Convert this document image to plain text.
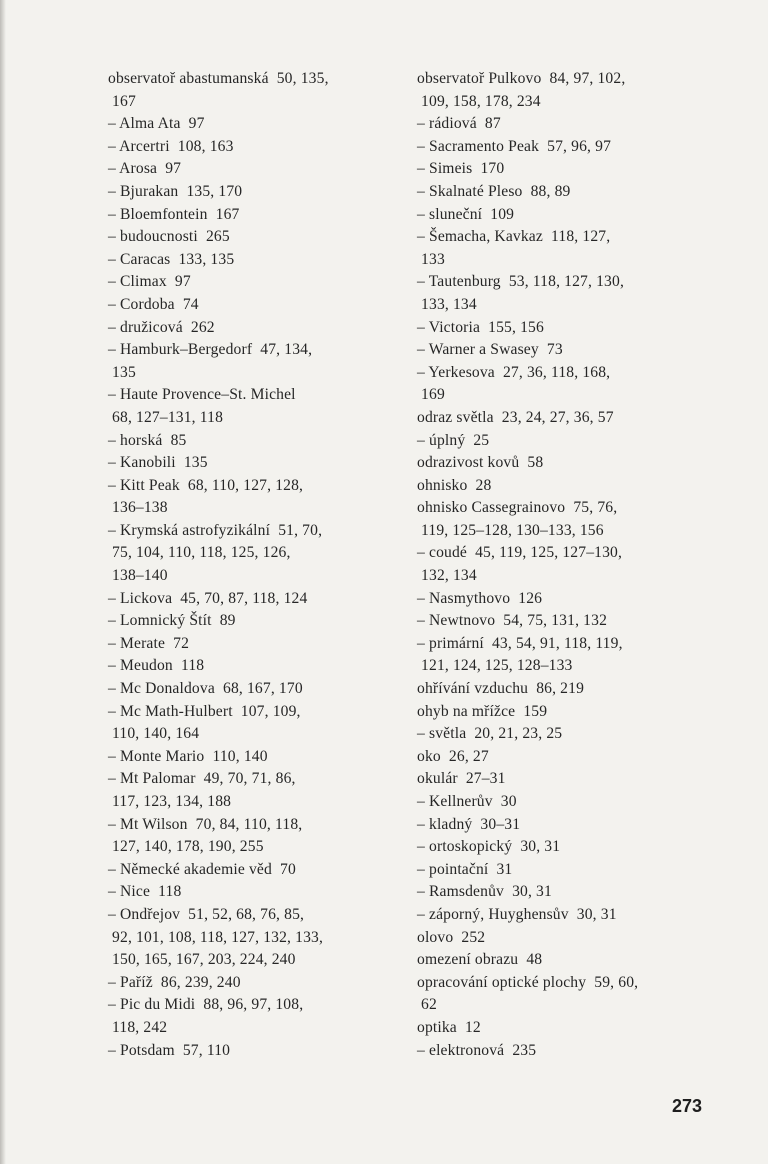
observatoř abastumanská  50, 135,
167
– Alma Ata  97
– Arcertri  108, 163
– Arosa  97
– Bjurakan  135, 170
– Bloemfontein  167
– budoucnosti  265
– Caracas  133, 135
– Climax  97
– Cordoba  74
– družicová  262
– Hamburk–Bergedorf  47, 134,
135
– Haute Provence–St. Michel
68, 127–131, 118
– horská  85
– Kanobili  135
– Kitt Peak  68, 110, 127, 128,
136–138
– Krymská astrofyzikální  51, 70,
75, 104, 110, 118, 125, 126,
138–140
– Lickova  45, 70, 87, 118, 124
– Lomnický Štít  89
– Merate  72
– Meudon  118
– Mc Donaldova  68, 167, 170
– Mc Math-Hulbert  107, 109,
110, 140, 164
– Monte Mario  110, 140
– Mt Palomar  49, 70, 71, 86,
117, 123, 134, 188
– Mt Wilson  70, 84, 110, 118,
127, 140, 178, 190, 255
– Německé akademie věd  70
– Nice  118
– Ondřejov  51, 52, 68, 76, 85,
92, 101, 108, 118, 127, 132, 133,
150, 165, 167, 203, 224, 240
– Paříž  86, 239, 240
– Pic du Midi  88, 96, 97, 108,
118, 242
– Potsdam  57, 110
observatoř Pulkovo  84, 97, 102,
109, 158, 178, 234
– rádiová  87
– Sacramento Peak  57, 96, 97
– Simeis  170
– Skalnaté Pleso  88, 89
– sluneční  109
– Šemacha, Kavkaz  118, 127,
133
– Tautenburg  53, 118, 127, 130,
133, 134
– Victoria  155, 156
– Warner a Swasey  73
– Yerkesova  27, 36, 118, 168,
169
odraz světla  23, 24, 27, 36, 57
– úplný  25
odrazivost kovů  58
ohnisko  28
ohnisko Cassegrainovo  75, 76,
119, 125–128, 130–133, 156
– coudé  45, 119, 125, 127–130,
132, 134
– Nasmythovo  126
– Newtnovo  54, 75, 131, 132
– primární  43, 54, 91, 118, 119,
121, 124, 125, 128–133
ohřívání vzduchu  86, 219
ohyb na mřížce  159
– světla  20, 21, 23, 25
oko  26, 27
okulár  27–31
– Kellnerův  30
– kladný  30–31
– ortoskopický  30, 31
– pointační  31
– Ramsdenův  30, 31
– záporný, Huyghensův  30, 31
olovo  252
omezení obrazu  48
opracování optické plochy  59, 60,
62
optika  12
– elektronová  235
273
